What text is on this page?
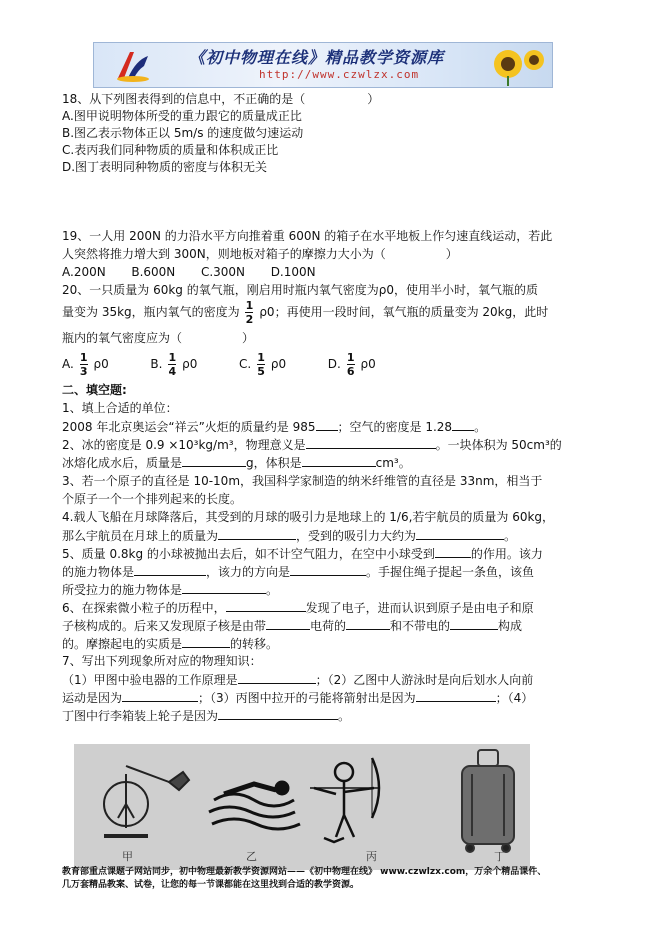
《初中物理在线》精品教学资源库
http://www.czwlzx.com
18、从下列图表得到的信息中，不正确的是（	）
A.图甲说明物体所受的重力跟它的质量成正比
B.图乙表示物体正以 5m/s 的速度做匀速运动
C.表丙我们同种物质的质量和体积成正比
D.图丁表明同种物质的密度与体积无关
19、一人用 200N 的力沿水平方向推着重 600N 的箱子在水平地板上作匀速直线运动，若此
人突然将推力增大到 300N，则地板对箱子的摩擦力大小为（	）
A.200N B.600N C.300N D.100N
20、一只质量为 60kg 的氧气瓶，刚启用时瓶内氧气密度为ρ0，使用半小时，氧气瓶的质
量变为 35kg，瓶内氧气的密度为 $\frac{1}{2} \rho 0$；再使用一段时间，氧气瓶的质量变为 20kg，此时
瓶内的氧气密度应为（	）
A. $\frac{1}{3} \rho 0$	B. $\frac{1}{4} \rho 0$	C. $\frac{1}{5} \rho 0$	D. $\frac{1}{6} \rho 0$
二、填空题:
1、填上合适的单位：
2008 年北京奥运会“祥云”火炬的质量约是 985 ；空气的密度是 1.28 。
2、冰的密度是 0.9 ×10³kg/m³，物理意义是	。一块体积为 50cm³的
冰熔化成水后，质量是	g，体积是	cm³。
3、若一个原子的直径是 10-10m，我国科学家制造的纳米纤维管的直径是 33nm，相当于
个原子一个一个排列起来的长度。
4.载人飞船在月球降落后，其受到的月球的吸引力是地球上的 1/6,若宇航员的质量为 60kg，
那么宇航员在月球上的质量为	，受到的吸引力大约为	。
5、质量 0.8kg 的小球被抛出去后，如不计空气阻力，在空中小球受到	的作用。该力
的施力物体是	，该力的方向是	。手握住绳子提起一条鱼，该鱼
所受拉力的施力物体是	。
6、在探索微小粒子的历程中，	发现了电子，进而认识到原子是由电子和原
子核构成的。后来又发现原子核是由带	电荷的	和不带电的	构成
的。摩擦起电的实质是	的转移。
7、写出下列现象所对应的物理知识：
（1）甲图中验电器的工作原理是	；（2）乙图中人游泳时是向后划水人向前
运动是因为	；（3）丙图中拉开的弓能将箭射出是因为	；（4）
丁图中行李箱装上轮子是因为	。
甲	乙	丙	丁
教育部重点课题子网站同步，初中物理最新教学资源网站——《初中物理在线》 www.czwlzx.com，万余个精品课件、
几万套精品教案、试卷，让您的每一节课都能在这里找到合适的教学资源。
